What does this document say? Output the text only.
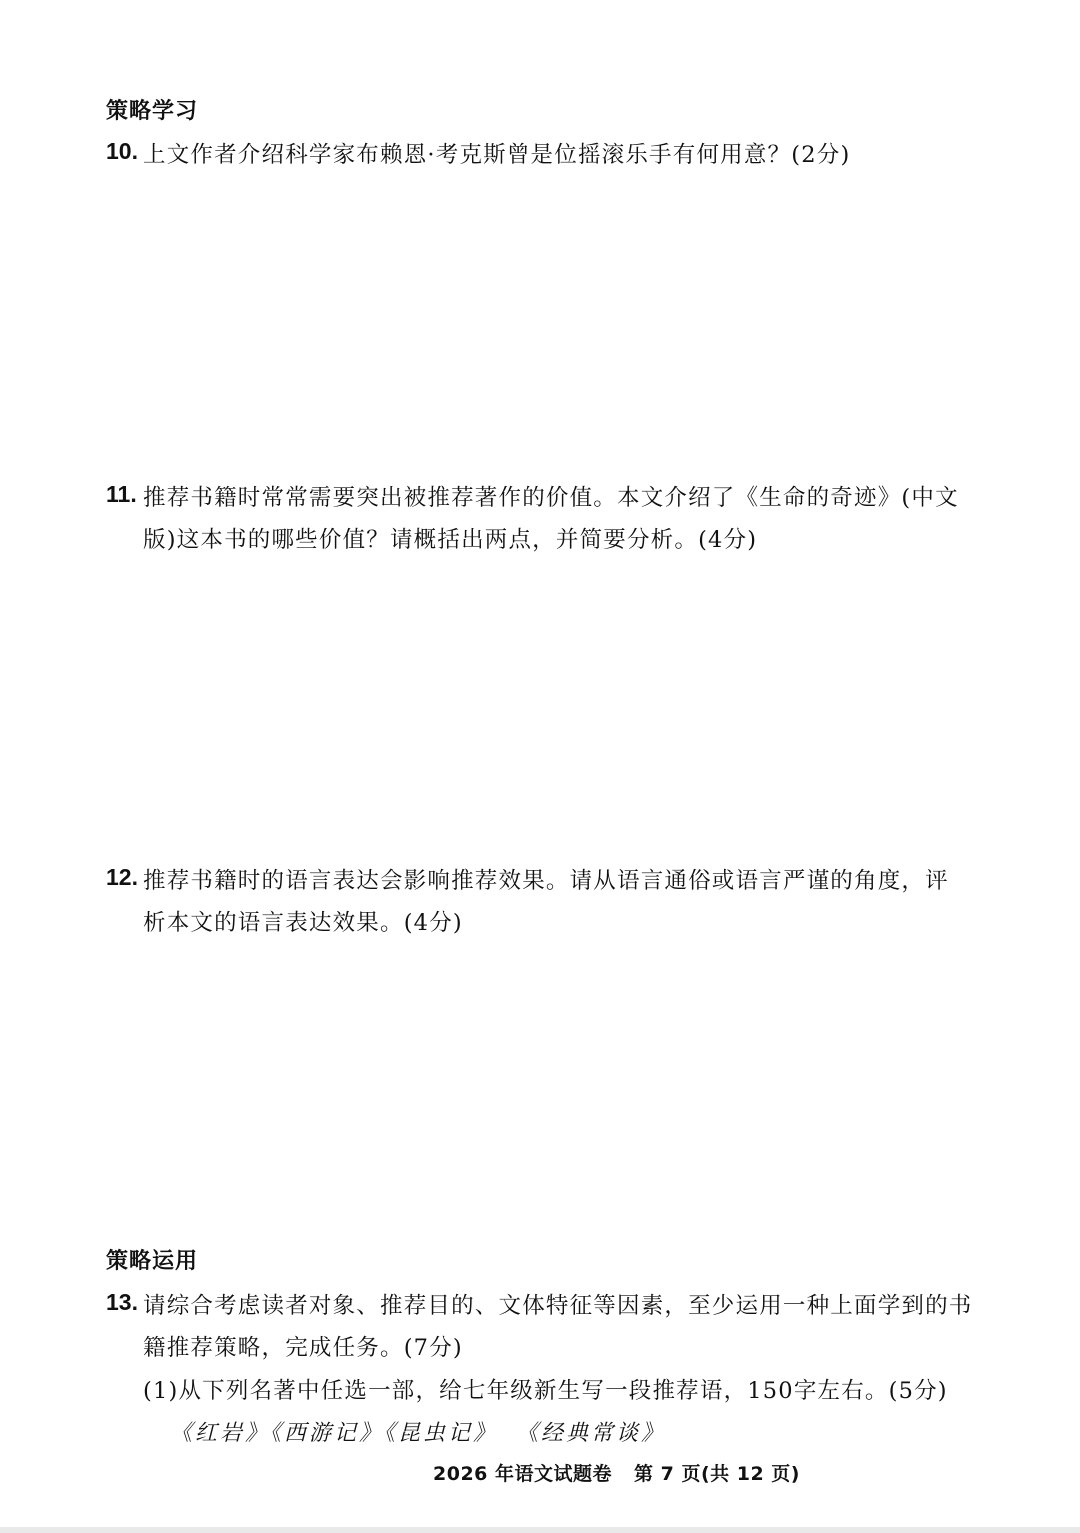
策略学习
10. 上文作者介绍科学家布赖恩·考克斯曾是位摇滚乐手有何用意？(2分)
11. 推荐书籍时常常需要突出被推荐著作的价值。本文介绍了《生命的奇迹》(中文
版)这本书的哪些价值？请概括出两点，并简要分析。(4分)
12. 推荐书籍时的语言表达会影响推荐效果。请从语言通俗或语言严谨的角度，评
析本文的语言表达效果。(4分)
策略运用
13. 请综合考虑读者对象、推荐目的、文体特征等因素，至少运用一种上面学到的书
籍推荐策略，完成任务。(7分)
(1)从下列名著中任选一部，给七年级新生写一段推荐语，150字左右。(5分)
《红岩》《西游记》《昆虫记》 《经典常谈》
2026 年语文试题卷 第 7 页(共 12 页)
